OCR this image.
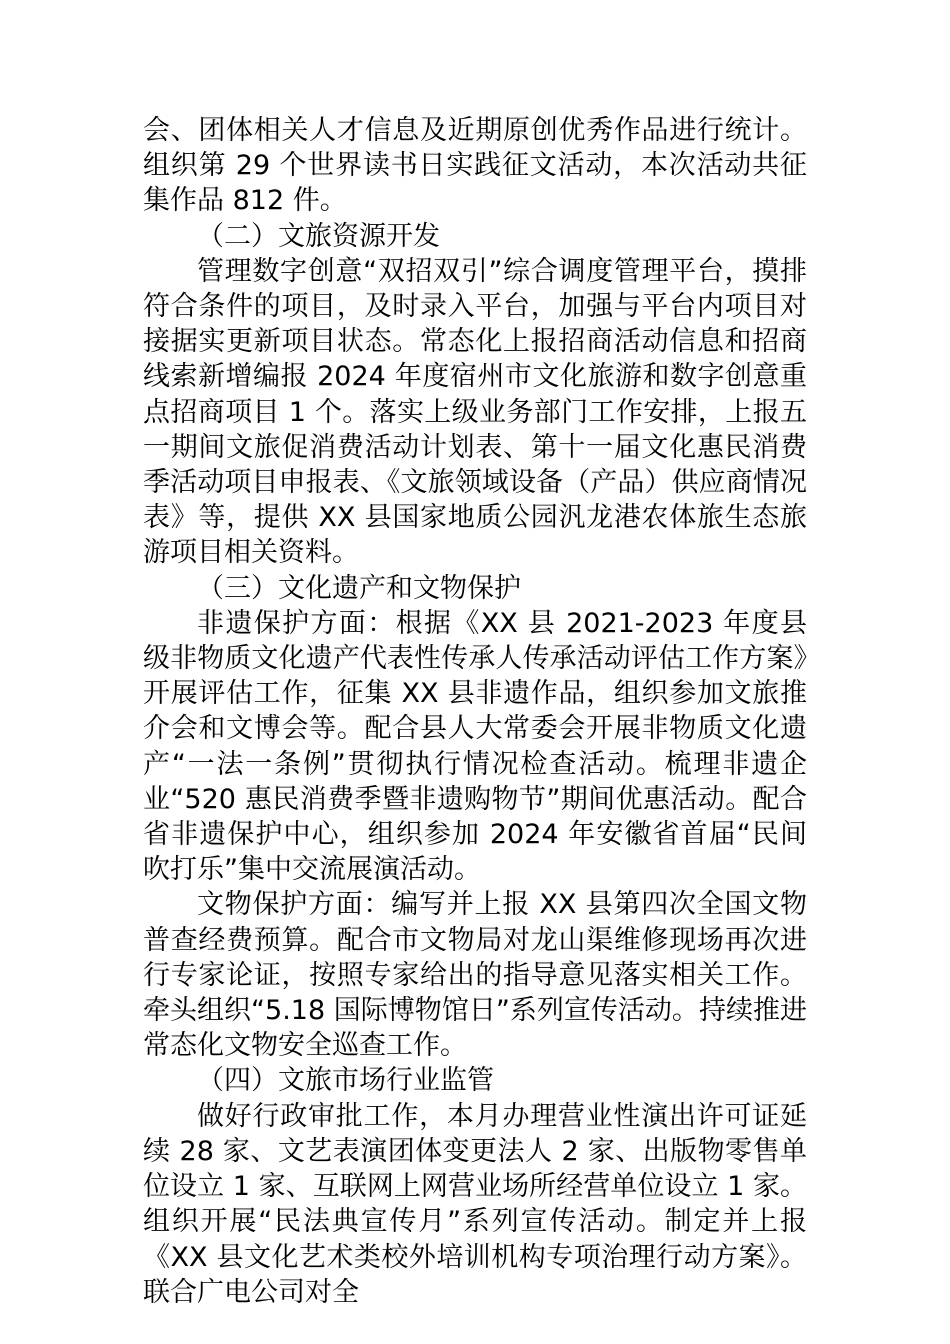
会、团体相关人才信息及近期原创优秀作品进行统计。组织第 29 个世界读书日实践征文活动，本次活动共征集作品 812 件。

（二）文旅资源开发

管理数字创意“双招双引”综合调度管理平台，摸排符合条件的项目，及时录入平台，加强与平台内项目对接据实更新项目状态。常态化上报招商活动信息和招商线索新增编报 2024 年度宿州市文化旅游和数字创意重点招商项目 1 个。落实上级业务部门工作安排，上报五一期间文旅促消费活动计划表、第十一届文化惠民消费季活动项目申报表、《文旅领域设备（产品）供应商情况表》等，提供 XX 县国家地质公园汎龙港农体旅生态旅游项目相关资料。

（三）文化遗产和文物保护

非遗保护方面：根据《XX 县 2021-2023 年度县级非物质文化遗产代表性传承人传承活动评估工作方案》开展评估工作，征集 XX 县非遗作品，组织参加文旅推介会和文博会等。配合县人大常委会开展非物质文化遗产“一法一条例”贯彻执行情况检查活动。梳理非遗企业“520 惠民消费季暨非遗购物节”期间优惠活动。配合省非遗保护中心，组织参加 2024 年安徽省首届“民间吹打乐”集中交流展演活动。

文物保护方面：编写并上报 XX 县第四次全国文物普查经费预算。配合市文物局对龙山渠维修现场再次进行专家论证，按照专家给出的指导意见落实相关工作。牵头组织“5.18 国际博物馆日”系列宣传活动。持续推进常态化文物安全巡查工作。

（四）文旅市场行业监管

做好行政审批工作，本月办理营业性演出许可证延续 28 家、文艺表演团体变更法人 2 家、出版物零售单位设立 1 家、互联网上网营业场所经营单位设立 1 家。组织开展“民法典宣传月”系列宣传活动。制定并上报《XX 县文化艺术类校外培训机构专项治理行动方案》。联合广电公司对全
